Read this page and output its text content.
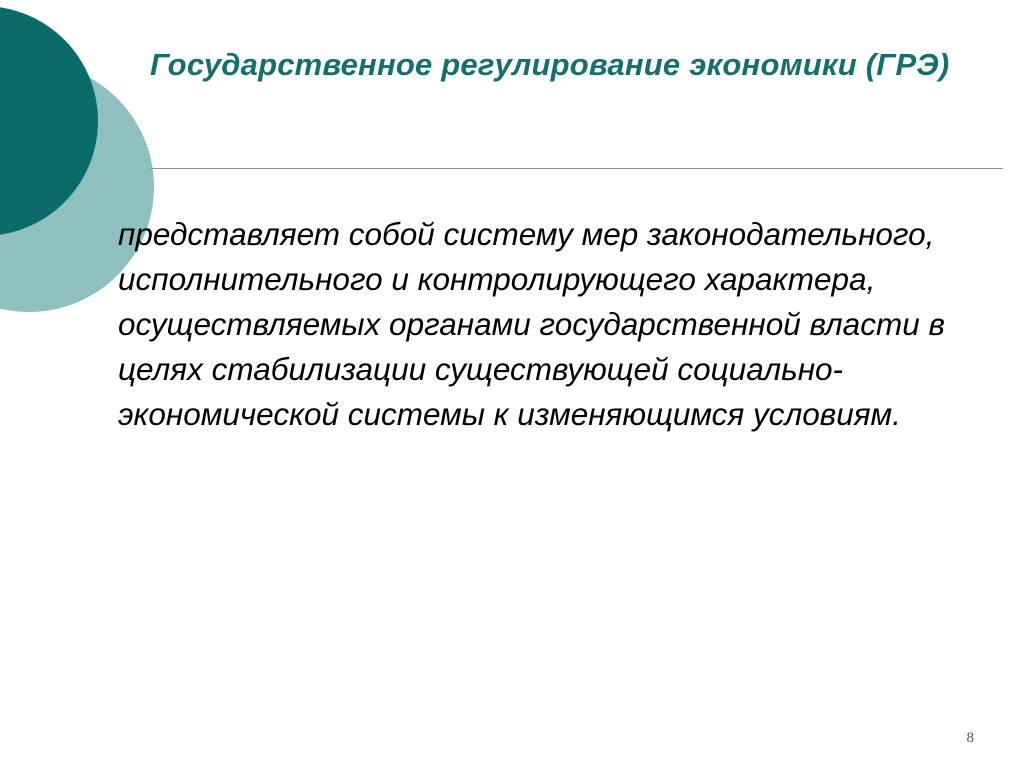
Государственное регулирование экономики (ГРЭ)

представляет собой систему мер законодательного, исполнительного и контролирующего характера, осуществляемых органами государственной власти в целях стабилизации существующей социально-экономической системы к изменяющимся условиям.

8
